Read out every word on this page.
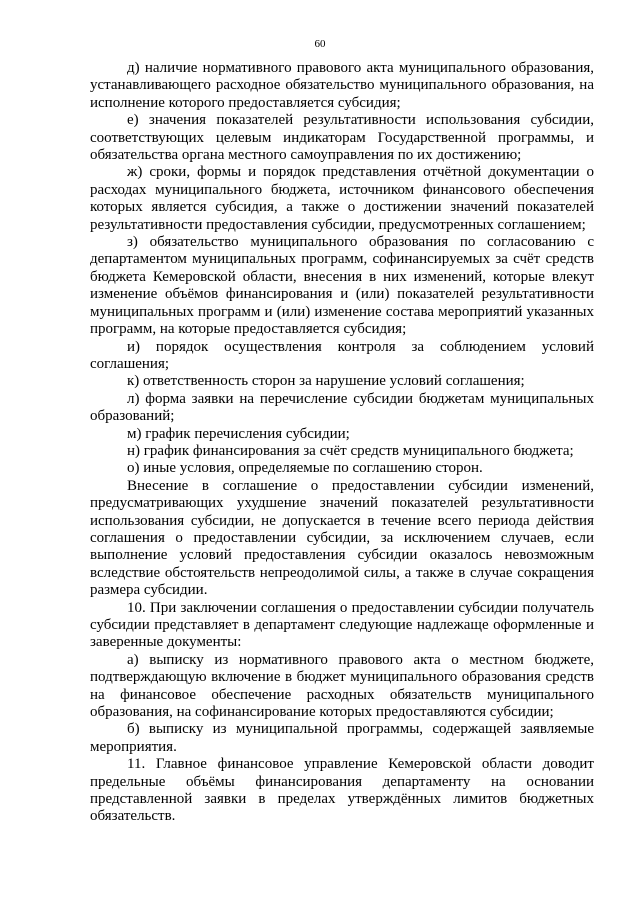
60

д) наличие нормативного правового акта муниципального образования, устанавливающего расходное обязательство муниципального образования, на исполнение которого предоставляется субсидия;

е) значения показателей результативности использования субсидии, соответствующих целевым индикаторам Государственной программы, и обязательства органа местного самоуправления по их достижению;

ж) сроки, формы и порядок представления отчётной документации о расходах муниципального бюджета, источником финансового обеспечения которых является субсидия, а также о достижении значений показателей результативности предоставления субсидии, предусмотренных соглашением;

з) обязательство муниципального образования по согласованию с департаментом муниципальных программ, софинансируемых за счёт средств бюджета Кемеровской области, внесения в них изменений, которые влекут изменение объёмов финансирования и (или) показателей результативности муниципальных программ и (или) изменение состава мероприятий указанных программ, на которые предоставляется субсидия;

и) порядок осуществления контроля за соблюдением условий соглашения;

к) ответственность сторон за нарушение условий соглашения;

л) форма заявки на перечисление субсидии бюджетам муниципальных образований;

м) график перечисления субсидии;

н) график финансирования за счёт средств муниципального бюджета;

о) иные условия, определяемые по соглашению сторон.

Внесение в соглашение о предоставлении субсидии изменений, предусматривающих ухудшение значений показателей результативности использования субсидии, не допускается в течение всего периода действия соглашения о предоставлении субсидии, за исключением случаев, если выполнение условий предоставления субсидии оказалось невозможным вследствие обстоятельств непреодолимой силы, а также в случае сокращения размера субсидии.

10. При заключении соглашения о предоставлении субсидии получатель субсидии представляет в департамент следующие надлежаще оформленные и заверенные документы:

а) выписку из нормативного правового акта о местном бюджете, подтверждающую включение в бюджет муниципального образования средств на финансовое обеспечение расходных обязательств муниципального образования, на софинансирование которых предоставляются субсидии;

б) выписку из муниципальной программы, содержащей заявляемые мероприятия.

11. Главное финансовое управление Кемеровской области доводит предельные объёмы финансирования департаменту на основании представленной заявки в пределах утверждённых лимитов бюджетных обязательств.
